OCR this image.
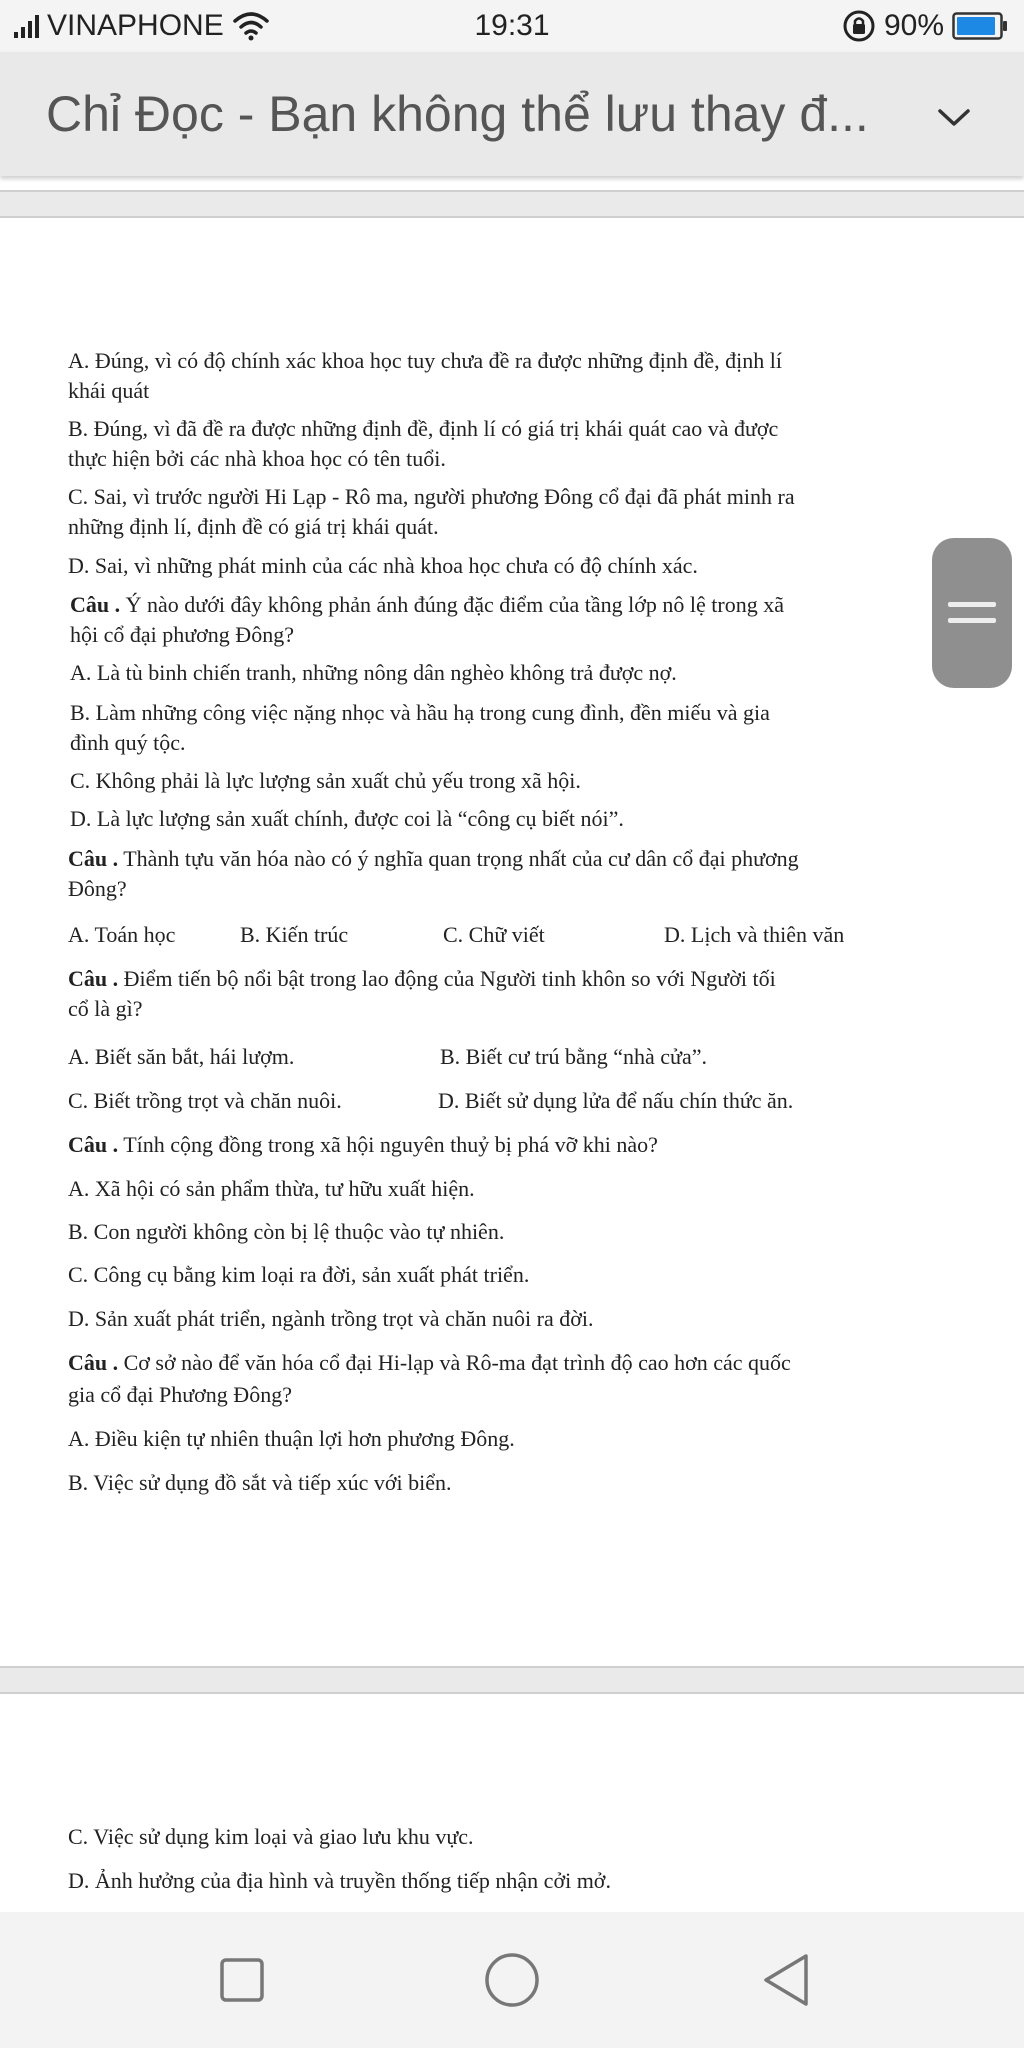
VINAPHONE	19:31	90%
Chỉ Đọc - Bạn không thể lưu thay đ...
A. Đúng, vì có độ chính xác khoa học tuy chưa đề ra được những định đề, định lí
khái quát
B. Đúng, vì đã đề ra được những định đề, định lí có giá trị khái quát cao và được
thực hiện bởi các nhà khoa học có tên tuổi.
C. Sai, vì trước người Hi Lạp - Rô ma, người phương Đông cổ đại đã phát minh ra
những định lí, định đề có giá trị khái quát.
D. Sai, vì những phát minh của các nhà khoa học chưa có độ chính xác.
Câu . Ý nào dưới đây không phản ánh đúng đặc điểm của tầng lớp nô lệ trong xã
hội cổ đại phương Đông?
A. Là tù binh chiến tranh, những nông dân nghèo không trả được nợ.
B. Làm những công việc nặng nhọc và hầu hạ trong cung đình, đền miếu và gia
đình quý tộc.
C. Không phải là lực lượng sản xuất chủ yếu trong xã hội.
D. Là lực lượng sản xuất chính, được coi là “công cụ biết nói”.
Câu . Thành tựu văn hóa nào có ý nghĩa quan trọng nhất của cư dân cổ đại phương
Đông?
A. Toán học	B. Kiến trúc	C. Chữ viết	D. Lịch và thiên văn
Câu . Điểm tiến bộ nổi bật trong lao động của Người tinh khôn so với Người tối
cổ là gì?
A. Biết săn bắt, hái lượm.	B. Biết cư trú bằng “nhà cửa”.
C. Biết trồng trọt và chăn nuôi.	D. Biết sử dụng lửa để nấu chín thức ăn.
Câu . Tính cộng đồng trong xã hội nguyên thuỷ bị phá vỡ khi nào?
A. Xã hội có sản phẩm thừa, tư hữu xuất hiện.
B. Con người không còn bị lệ thuộc vào tự nhiên.
C. Công cụ bằng kim loại ra đời, sản xuất phát triển.
D. Sản xuất phát triển, ngành trồng trọt và chăn nuôi ra đời.
Câu . Cơ sở nào để văn hóa cổ đại Hi-lạp và Rô-ma đạt trình độ cao hơn các quốc
gia cổ đại Phương Đông?
A. Điều kiện tự nhiên thuận lợi hơn phương Đông.
B. Việc sử dụng đồ sắt và tiếp xúc với biển.
C. Việc sử dụng kim loại và giao lưu khu vực.
D. Ảnh hưởng của địa hình và truyền thống tiếp nhận cởi mở.
